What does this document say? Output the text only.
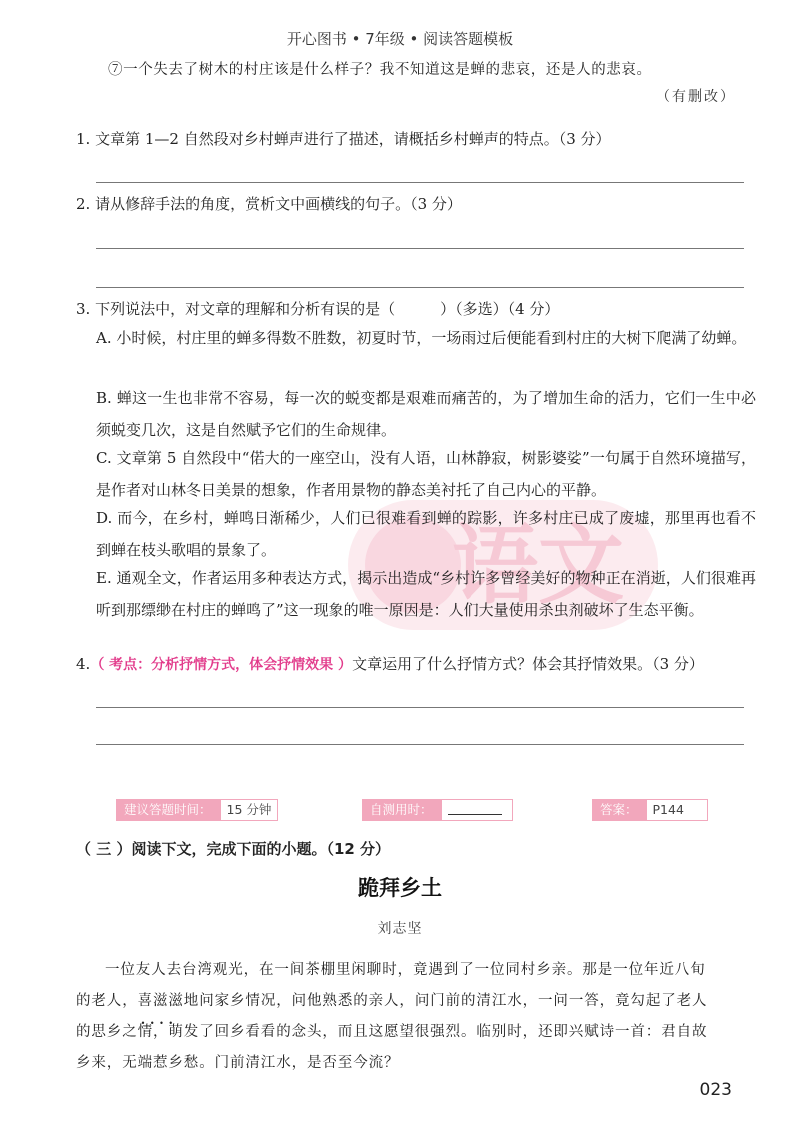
开心图书 • 7年级 • 阅读答题模板
⑦一个失去了树木的村庄该是什么样子？我不知道这是蝉的悲哀，还是人的悲哀。
（有删改）
1. 文章第 1—2 自然段对乡村蝉声进行了描述，请概括乡村蝉声的特点。（3 分）
2. 请从修辞手法的角度，赏析文中画横线的句子。（3 分）
语文
3. 下列说法中，对文章的理解和分析有误的是（　　　）（多选）（4 分）
A. 小时候，村庄里的蝉多得数不胜数，初夏时节，一场雨过后便能看到村庄的大树下爬满了幼蝉。
B. 蝉这一生也非常不容易，每一次的蜕变都是艰难而痛苦的，为了增加生命的活力，它们一生中必须蜕变几次，这是自然赋予它们的生命规律。
C. 文章第 5 自然段中“偌大的一座空山，没有人语，山林静寂，树影婆娑”一句属于自然环境描写，是作者对山林冬日美景的想象，作者用景物的静态美衬托了自己内心的平静。
D. 而今，在乡村，蝉鸣日渐稀少，人们已很难看到蝉的踪影，许多村庄已成了废墟，那里再也看不到蝉在枝头歌唱的景象了。
E. 通观全文，作者运用多种表达方式，揭示出造成“乡村许多曾经美好的物种正在消逝，人们很难再听到那缥缈在村庄的蝉鸣了”这一现象的唯一原因是：人们大量使用杀虫剂破坏了生态平衡。
4.（ 考点：分析抒情方式，体会抒情效果 ）文章运用了什么抒情方式？体会其抒情效果。（3 分）
建议答题时间： 15 分钟	自测用时：	答案： P144
（ 三 ）阅读下文，完成下面的小题。（12 分）
跪拜乡土
刘志坚
一位友人去台湾观光，在一间茶棚里闲聊时，竟遇到了一位同村乡亲。那是一位年近八旬
的老人，喜滋滋地 • • 问家乡情况，问他熟悉的亲人，问门前的清江水，一问一答，竟勾起了老人
的思乡之情，萌发了回乡看看的念头，而且这愿望很强烈。临别时，还即兴赋诗一首：君自故
乡来，无端惹乡愁。门前清江水，是否至今流？
023
